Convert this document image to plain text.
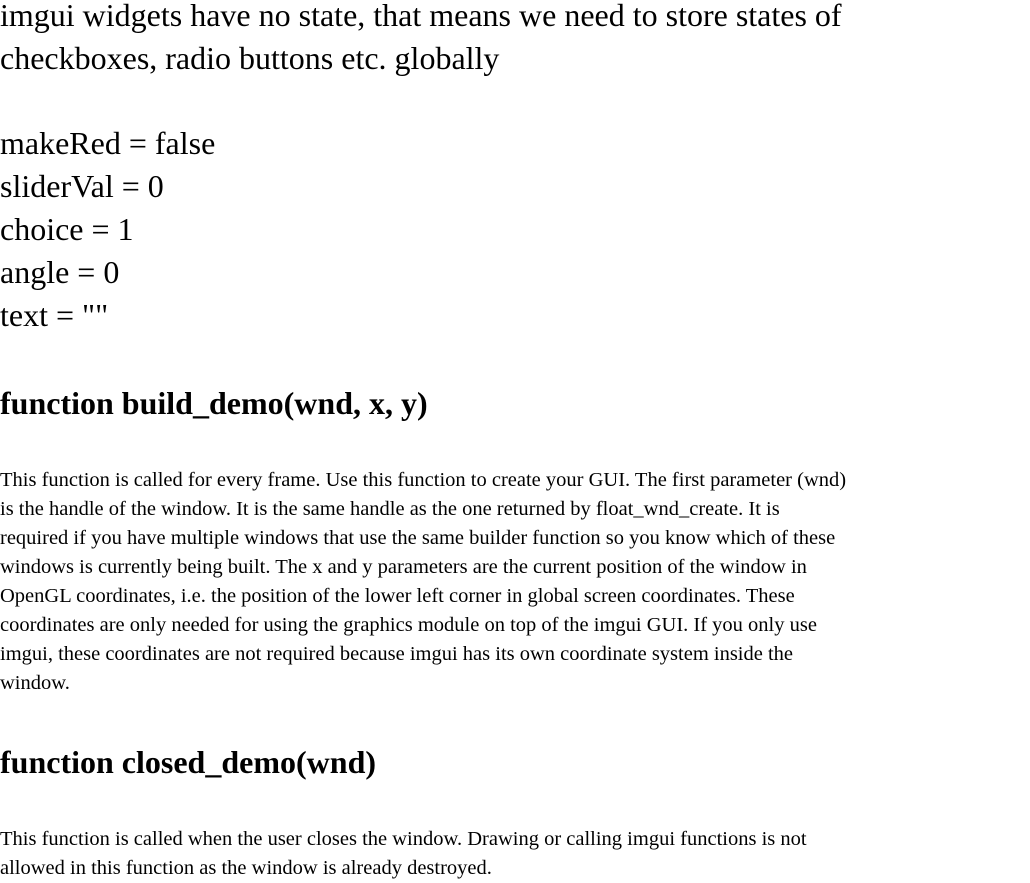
imgui widgets have no state, that means we need to store states of
checkboxes, radio buttons etc. globally
makeRed = false
sliderVal = 0
choice = 1
angle = 0
text = ""
function build_demo(wnd, x, y)
This function is called for every frame. Use this function to create your GUI. The first parameter (wnd)
is the handle of the window. It is the same handle as the one returned by float_wnd_create. It is
required if you have multiple windows that use the same builder function so you know which of these
windows is currently being built. The x and y parameters are the current position of the window in
OpenGL coordinates, i.e. the position of the lower left corner in global screen coordinates. These
coordinates are only needed for using the graphics module on top of the imgui GUI. If you only use
imgui, these coordinates are not required because imgui has its own coordinate system inside the
window.
function closed_demo(wnd)
This function is called when the user closes the window. Drawing or calling imgui functions is not
allowed in this function as the window is already destroyed.
